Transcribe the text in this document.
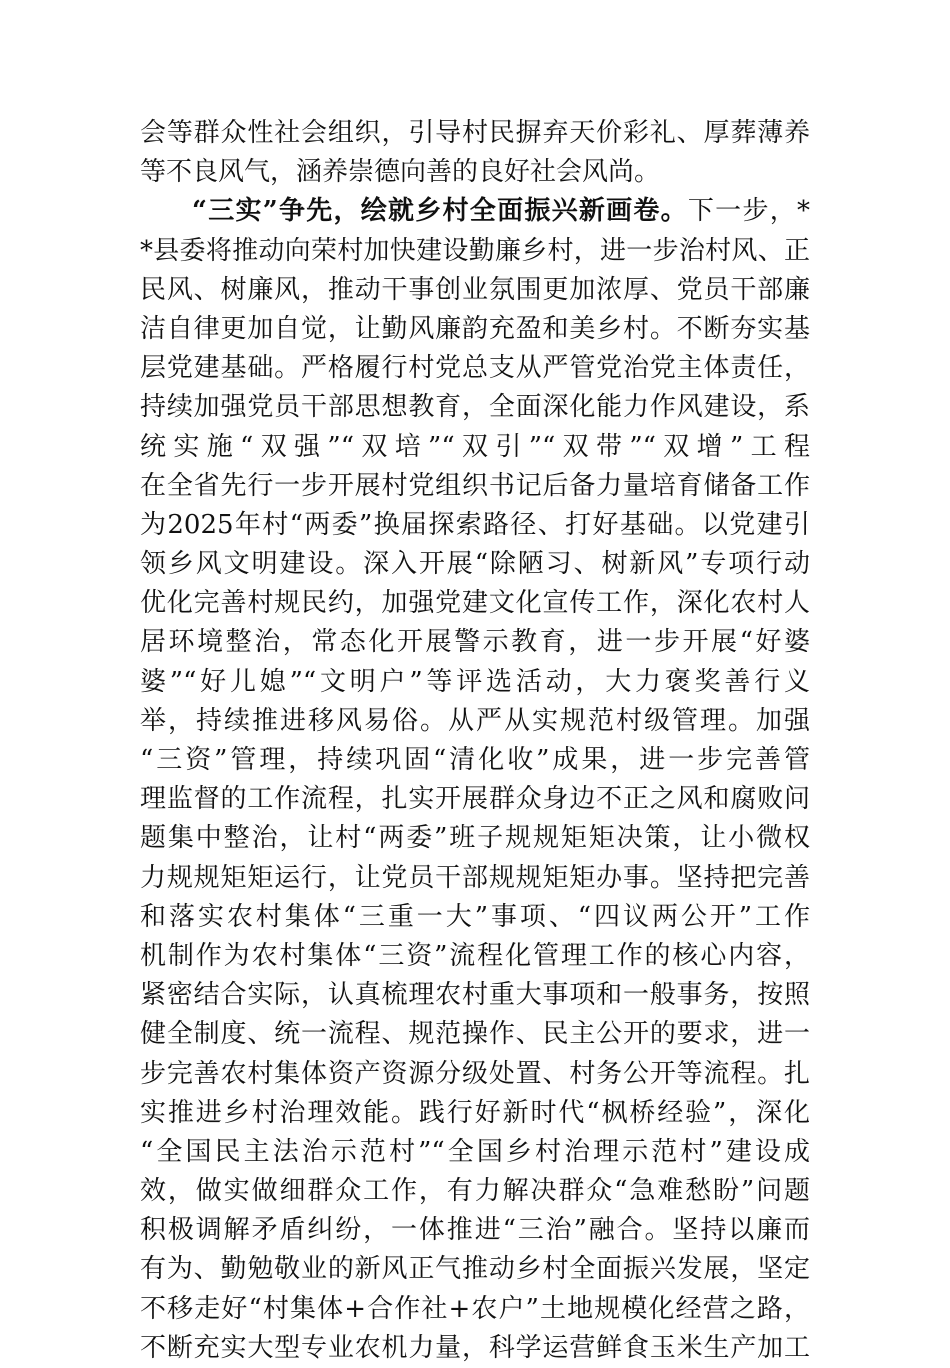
会等群众性社会组织，引导村民摒弃天价彩礼、厚葬薄养
等不良风气，涵养崇德向善的良好社会风尚。
“三实”争先，绘就乡村全面振兴新画卷。下一步，*
*县委将推动向荣村加快建设勤廉乡村，进一步治村风、正
民风、树廉风，推动干事创业氛围更加浓厚、党员干部廉
洁自律更加自觉，让勤风廉韵充盈和美乡村。不断夯实基
层党建基础。严格履行村党总支从严管党治党主体责任，
持续加强党员干部思想教育，全面深化能力作风建设，系
统实施“双强”“双培”“双引”“双带”“双增”工程
在全省先行一步开展村党组织书记后备力量培育储备工作
为2025年村“两委”换届探索路径、打好基础。以党建引
领乡风文明建设。深入开展“除陋习、树新风”专项行动
优化完善村规民约，加强党建文化宣传工作，深化农村人
居环境整治，常态化开展警示教育，进一步开展“好婆
婆”“好儿媳”“文明户”等评选活动，大力褒奖善行义
举，持续推进移风易俗。从严从实规范村级管理。加强
“三资”管理，持续巩固“清化收”成果，进一步完善管
理监督的工作流程，扎实开展群众身边不正之风和腐败问
题集中整治，让村“两委”班子规规矩矩决策，让小微权
力规规矩矩运行，让党员干部规规矩矩办事。坚持把完善
和落实农村集体“三重一大”事项、“四议两公开”工作
机制作为农村集体“三资”流程化管理工作的核心内容，
紧密结合实际，认真梳理农村重大事项和一般事务，按照
健全制度、统一流程、规范操作、民主公开的要求，进一
步完善农村集体资产资源分级处置、村务公开等流程。扎
实推进乡村治理效能。践行好新时代“枫桥经验”，深化
“全国民主法治示范村”“全国乡村治理示范村”建设成
效，做实做细群众工作，有力解决群众“急难愁盼”问题
积极调解矛盾纠纷，一体推进“三治”融合。坚持以廉而
有为、勤勉敬业的新风正气推动乡村全面振兴发展，坚定
不移走好“村集体+合作社+农户”土地规模化经营之路，
不断充实大型专业农机力量，科学运营鲜食玉米生产加工
